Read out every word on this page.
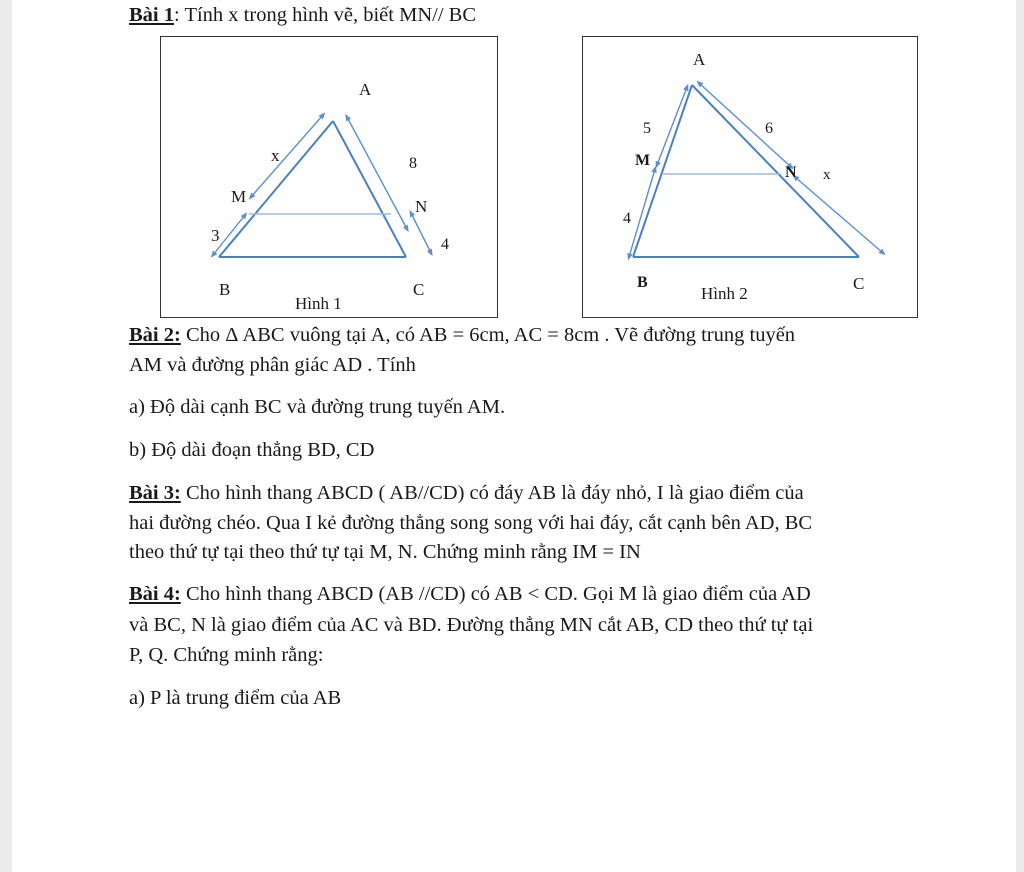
Bài 1: Tính x trong hình vẽ, biết MN// BC
A
x	8
M
N
3	4
B	C
Hình 1
A
5	6
M
N x
4
B
Hình 2
C
Bài 2: Cho Δ ABC vuông tại A, có AB = 6cm, AC = 8cm . Vẽ đường trung tuyến
AM và đường phân giác AD . Tính
a) Độ dài cạnh BC và đường trung tuyến AM.
b) Độ dài đoạn thẳng BD, CD
Bài 3: Cho hình thang ABCD ( AB//CD) có đáy AB là đáy nhỏ, I là giao điểm của
hai đường chéo. Qua I kẻ đường thẳng song song với hai đáy, cắt cạnh bên AD, BC
theo thứ tự tại theo thứ tự tại M, N. Chứng minh rằng IM = IN
Bài 4: Cho hình thang ABCD (AB //CD) có AB < CD. Gọi M là giao điểm của AD
và BC, N là giao điểm của AC và BD. Đường thẳng MN cắt AB, CD theo thứ tự tại
P, Q. Chứng minh rằng:
a) P là trung điểm của AB
